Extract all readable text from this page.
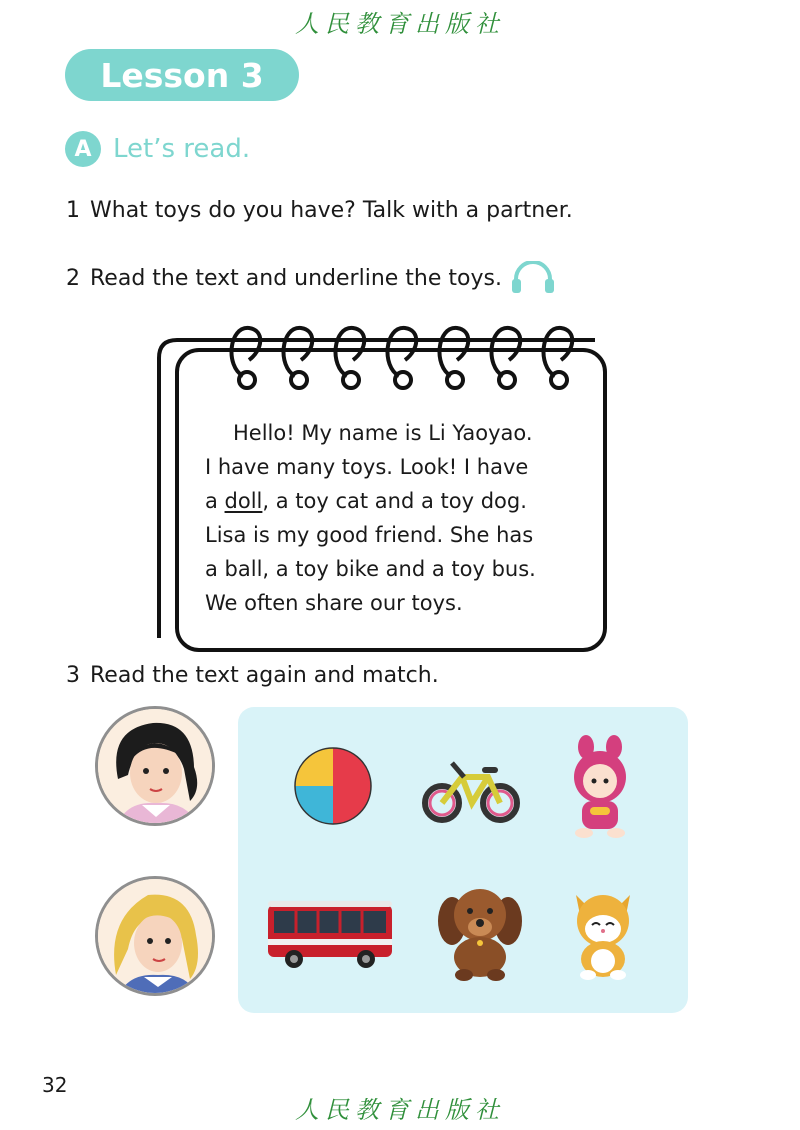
人民教育出版社
Lesson 3
A Let’s read.
1 What toys do you have? Talk with a partner.
2 Read the text and underline the toys.

Hello! My name is Li Yaoyao.

I have many toys. Look! I have

a doll, a toy cat and a toy dog.

Lisa is my good friend. She has

a ball, a toy bike and a toy bus.

We often share our toys.

3 Read the text again and match.
32
人民教育出版社
